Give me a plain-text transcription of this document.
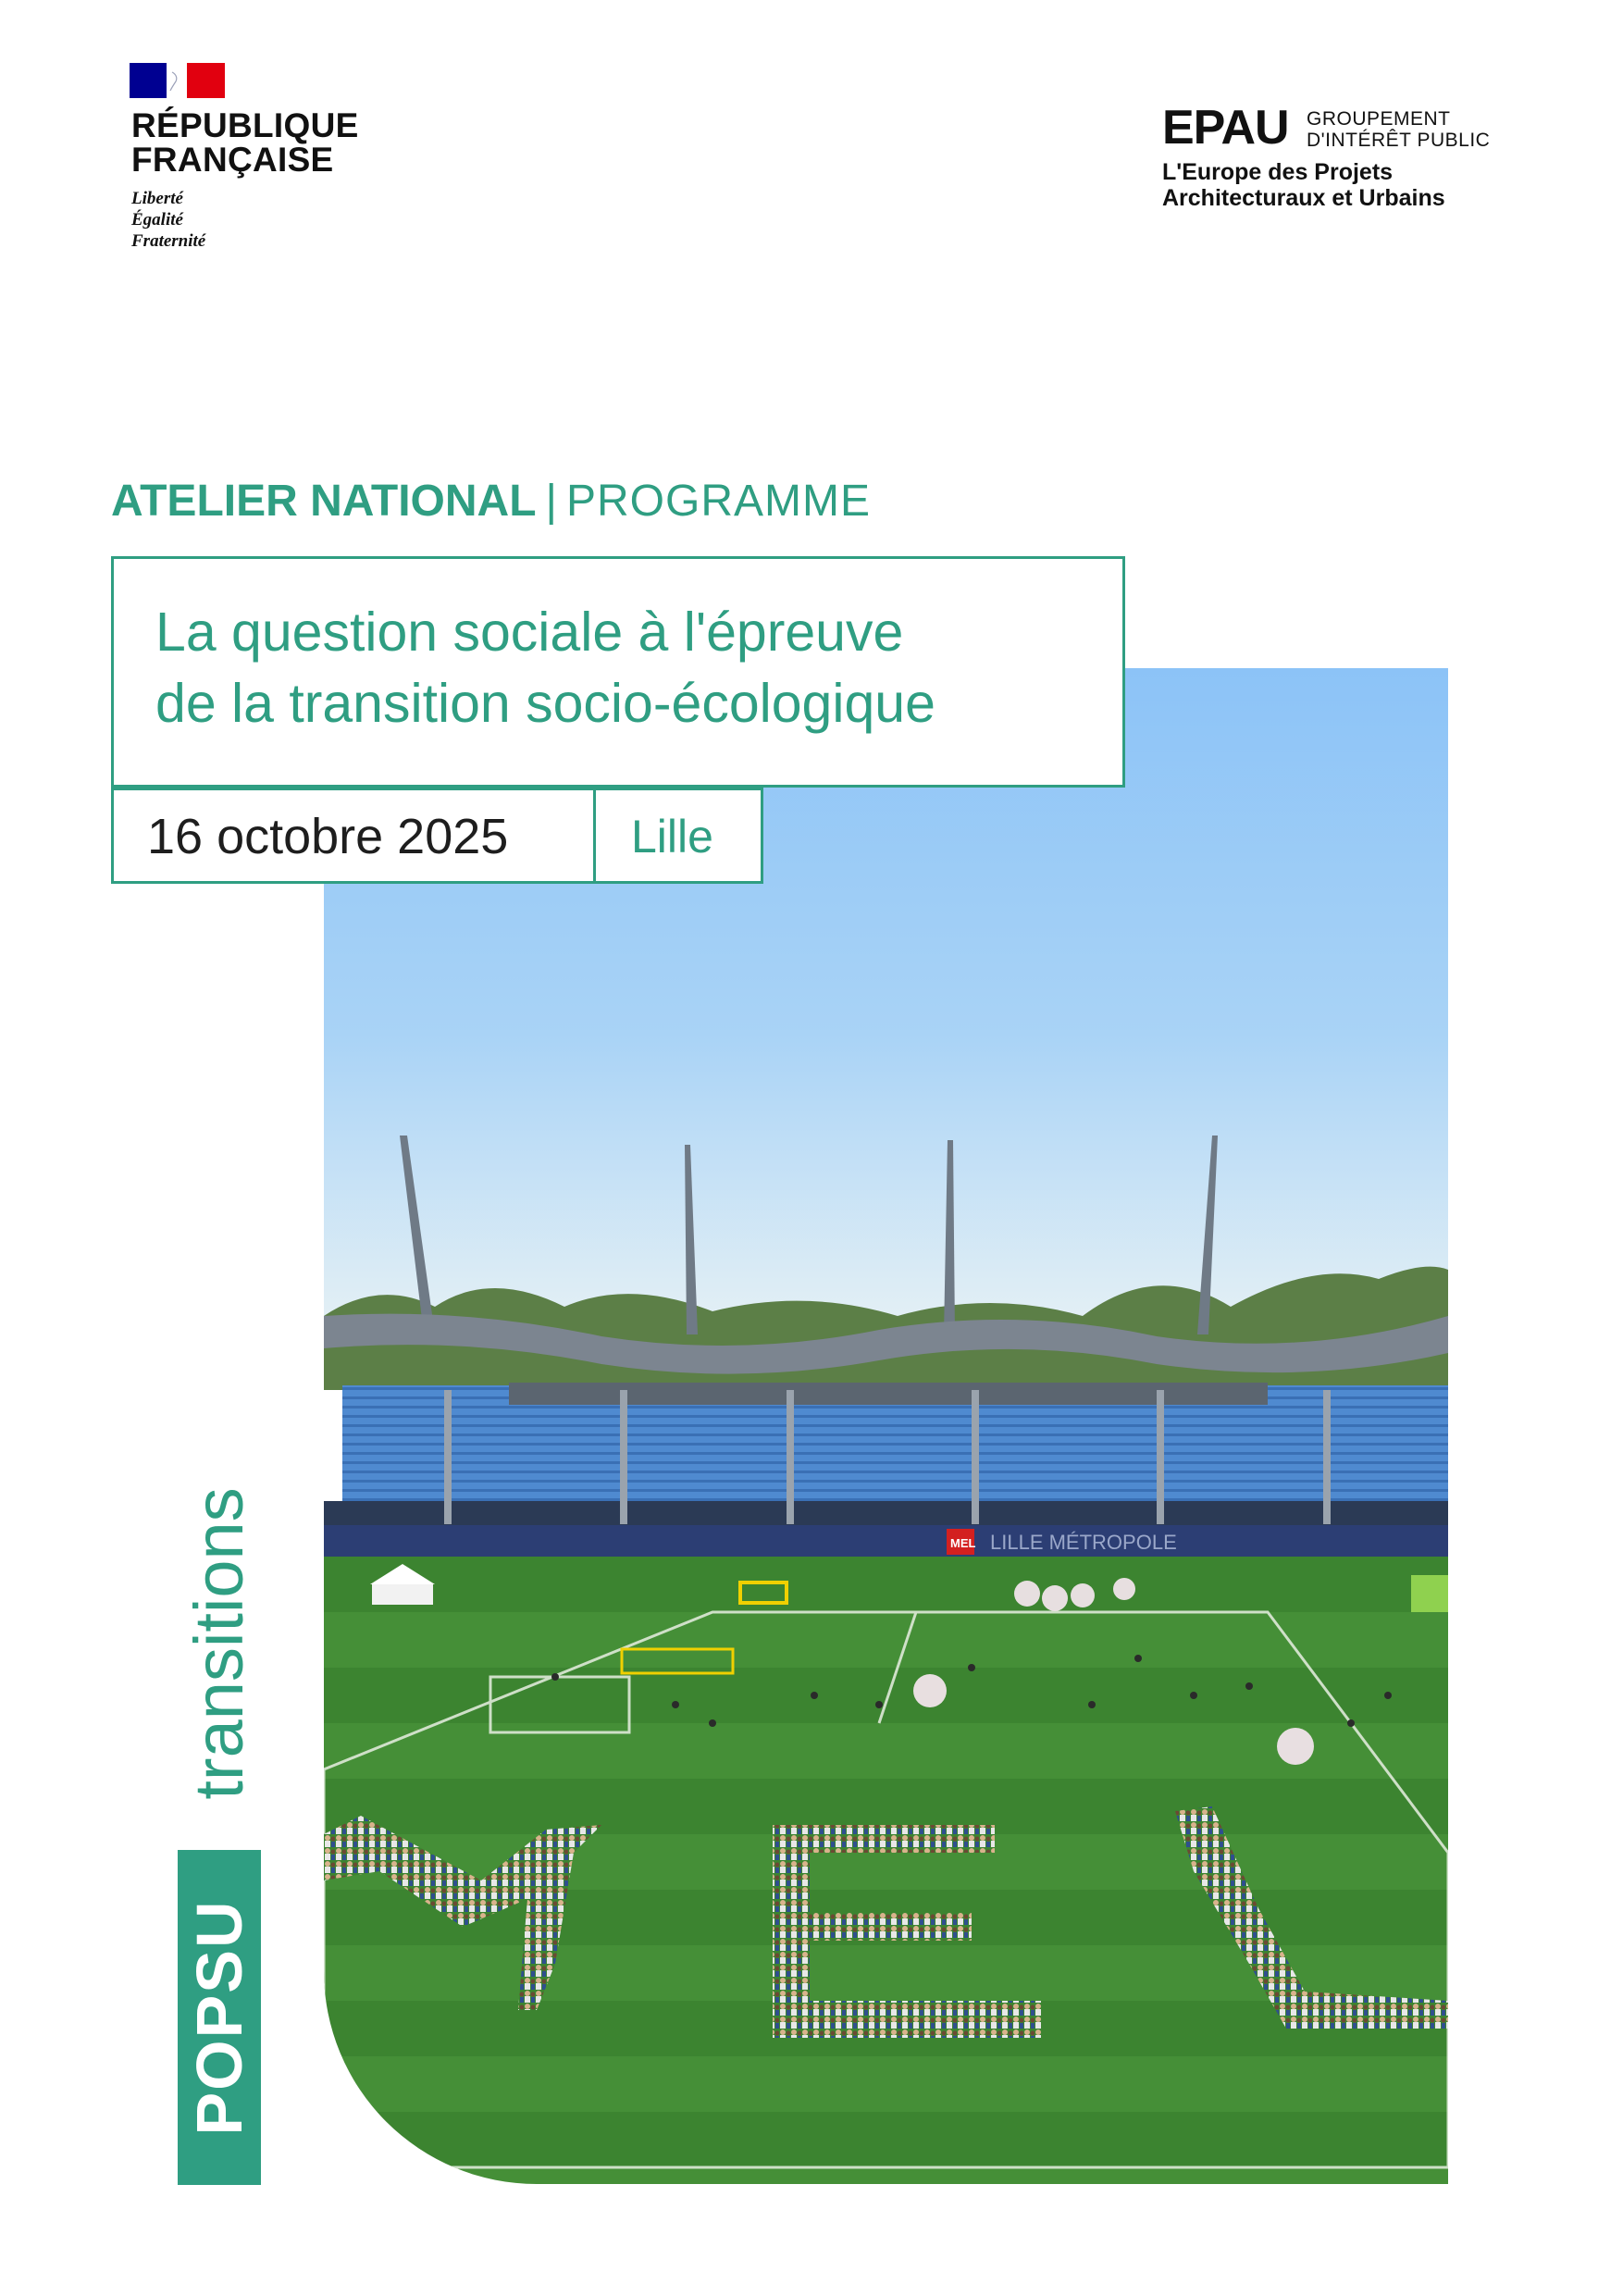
RÉPUBLIQUE
FRANÇAISE
Liberté
Égalité
Fraternité
EPAU GROUPEMENT
D'INTÉRÊT PUBLIC
L'Europe des Projets
Architecturaux et Urbains
ATELIER NATIONAL | PROGRAMME
LILLE MÉTROPOLE
MEL
La question sociale à l'épreuve
de la transition socio-écologique
16 octobre 2025	Lille
transitions
POPSU
